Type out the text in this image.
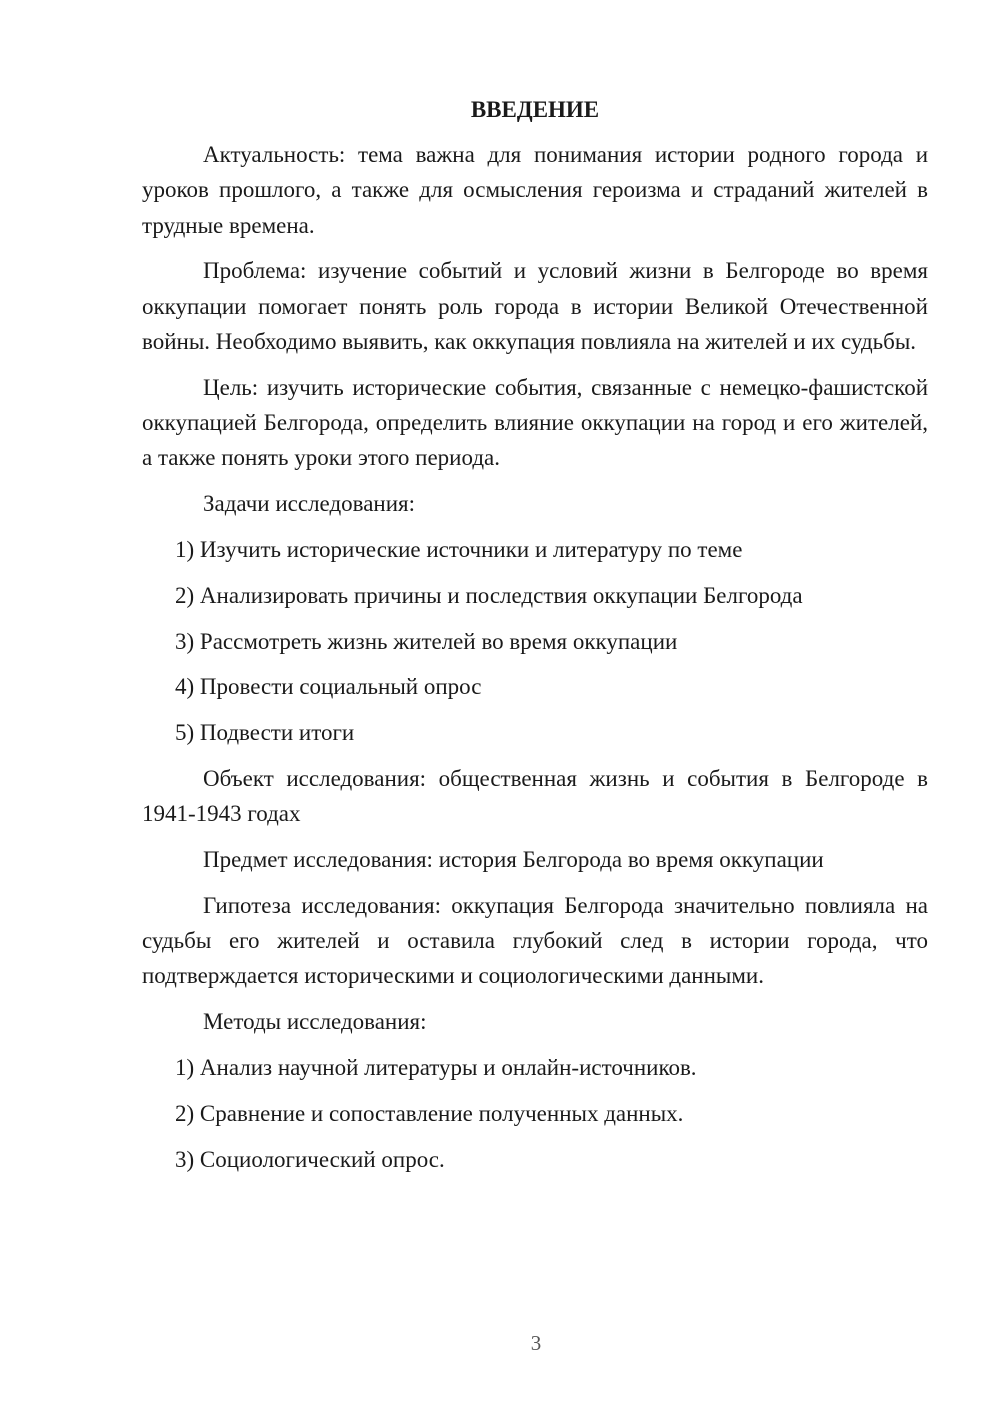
ВВЕДЕНИЕ

Актуальность: тема важна для понимания истории родного города и уроков прошлого, а также для осмысления героизма и страданий жителей в трудные времена.

Проблема: изучение событий и условий жизни в Белгороде во время оккупации помогает понять роль города в истории Великой Отечественной войны. Необходимо выявить, как оккупация повлияла на жителей и их судьбы.

Цель: изучить исторические события, связанные с немецко-фашистской оккупацией Белгорода, определить влияние оккупации на город и его жителей, а также понять уроки этого периода.

Задачи исследования:

1) Изучить исторические источники и литературу по теме
2) Анализировать причины и последствия оккупации Белгорода
3) Рассмотреть жизнь жителей во время оккупации
4) Провести социальный опрос
5) Подвести итоги

Объект исследования: общественная жизнь и события в Белгороде в 1941-1943 годах

Предмет исследования: история Белгорода во время оккупации

Гипотеза исследования: оккупация Белгорода значительно повлияла на судьбы его жителей и оставила глубокий след в истории города, что подтверждается историческими и социологическими данными.

Методы исследования:

1) Анализ научной литературы и онлайн-источников.
2) Сравнение и сопоставление полученных данных.
3) Социологический опрос.
3
